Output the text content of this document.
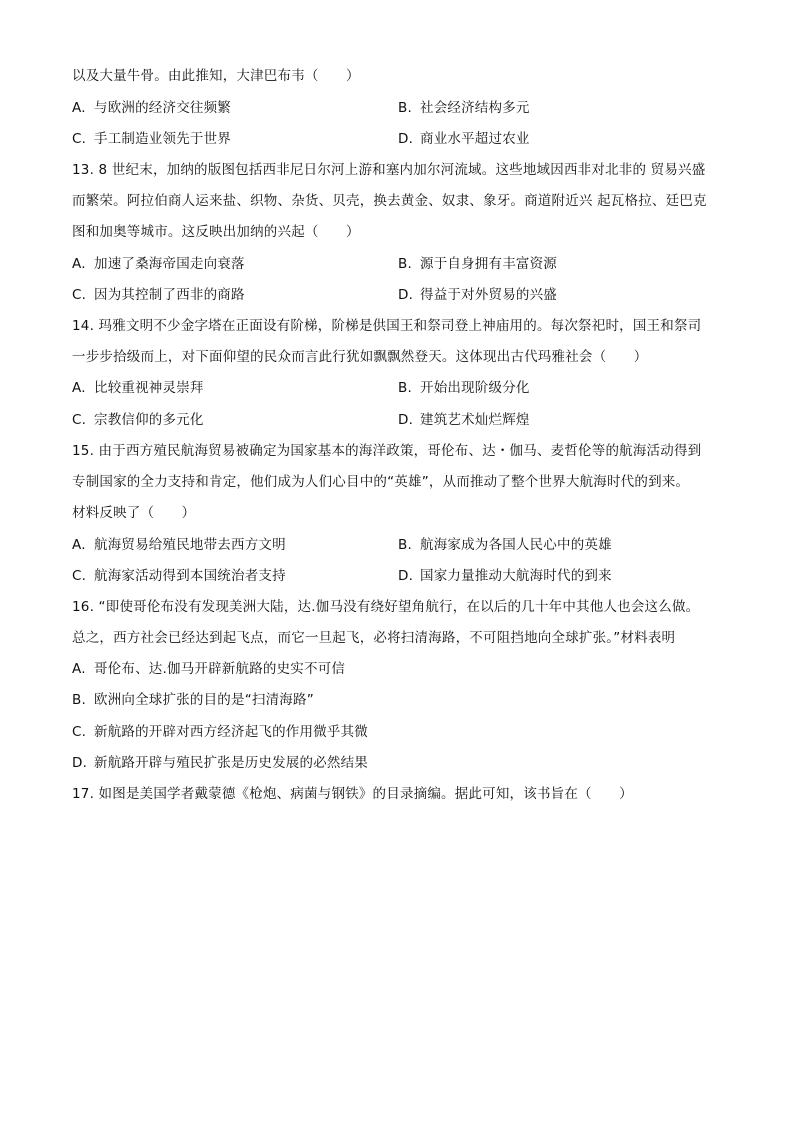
以及大量牛骨。由此推知，大津巴布韦（　　）
A. 与欧洲的经济交往频繁	B. 社会经济结构多元
C. 手工制造业领先于世界	D. 商业水平超过农业
13. 8 世纪末，加纳的版图包括西非尼日尔河上游和塞内加尔河流域。这些地域因西非对北非的 贸易兴盛
而繁荣。阿拉伯商人运来盐、织物、杂货、贝壳，换去黄金、奴隶、象牙。商道附近兴 起瓦格拉、廷巴克
图和加奥等城市。这反映出加纳的兴起（　　）
A. 加速了桑海帝国走向衰落	B. 源于自身拥有丰富资源
C. 因为其控制了西非的商路	D. 得益于对外贸易的兴盛
14. 玛雅文明不少金字塔在正面设有阶梯，阶梯是供国王和祭司登上神庙用的。每次祭祀时，国王和祭司
一步步拾级而上，对下面仰望的民众而言此行犹如飘飘然登天。这体现出古代玛雅社会（　　）
A. 比较重视神灵崇拜	B. 开始出现阶级分化
C. 宗教信仰的多元化	D. 建筑艺术灿烂辉煌
15. 由于西方殖民航海贸易被确定为国家基本的海洋政策，哥伦布、达・伽马、麦哲伦等的航海活动得到
专制国家的全力支持和肯定，他们成为人们心目中的“英雄”，从而推动了整个世界大航海时代的到来。
材料反映了（　　）
A. 航海贸易给殖民地带去西方文明	B. 航海家成为各国人民心中的英雄
C. 航海家活动得到本国统治者支持	D. 国家力量推动大航海时代的到来
16. “即使哥伦布没有发现美洲大陆，达.伽马没有绕好望角航行，在以后的几十年中其他人也会这么做。
总之，西方社会已经达到起飞点，而它一旦起飞，必将扫清海路，不可阻挡地向全球扩张。”材料表明
A. 哥伦布、达.伽马开辟新航路的史实不可信
B. 欧洲向全球扩张的目的是“扫清海路”
C. 新航路的开辟对西方经济起飞的作用微乎其微
D. 新航路开辟与殖民扩张是历史发展的必然结果
17. 如图是美国学者戴蒙德《枪炮、病菌与钢铁》的目录摘编。据此可知，该书旨在（　　）
